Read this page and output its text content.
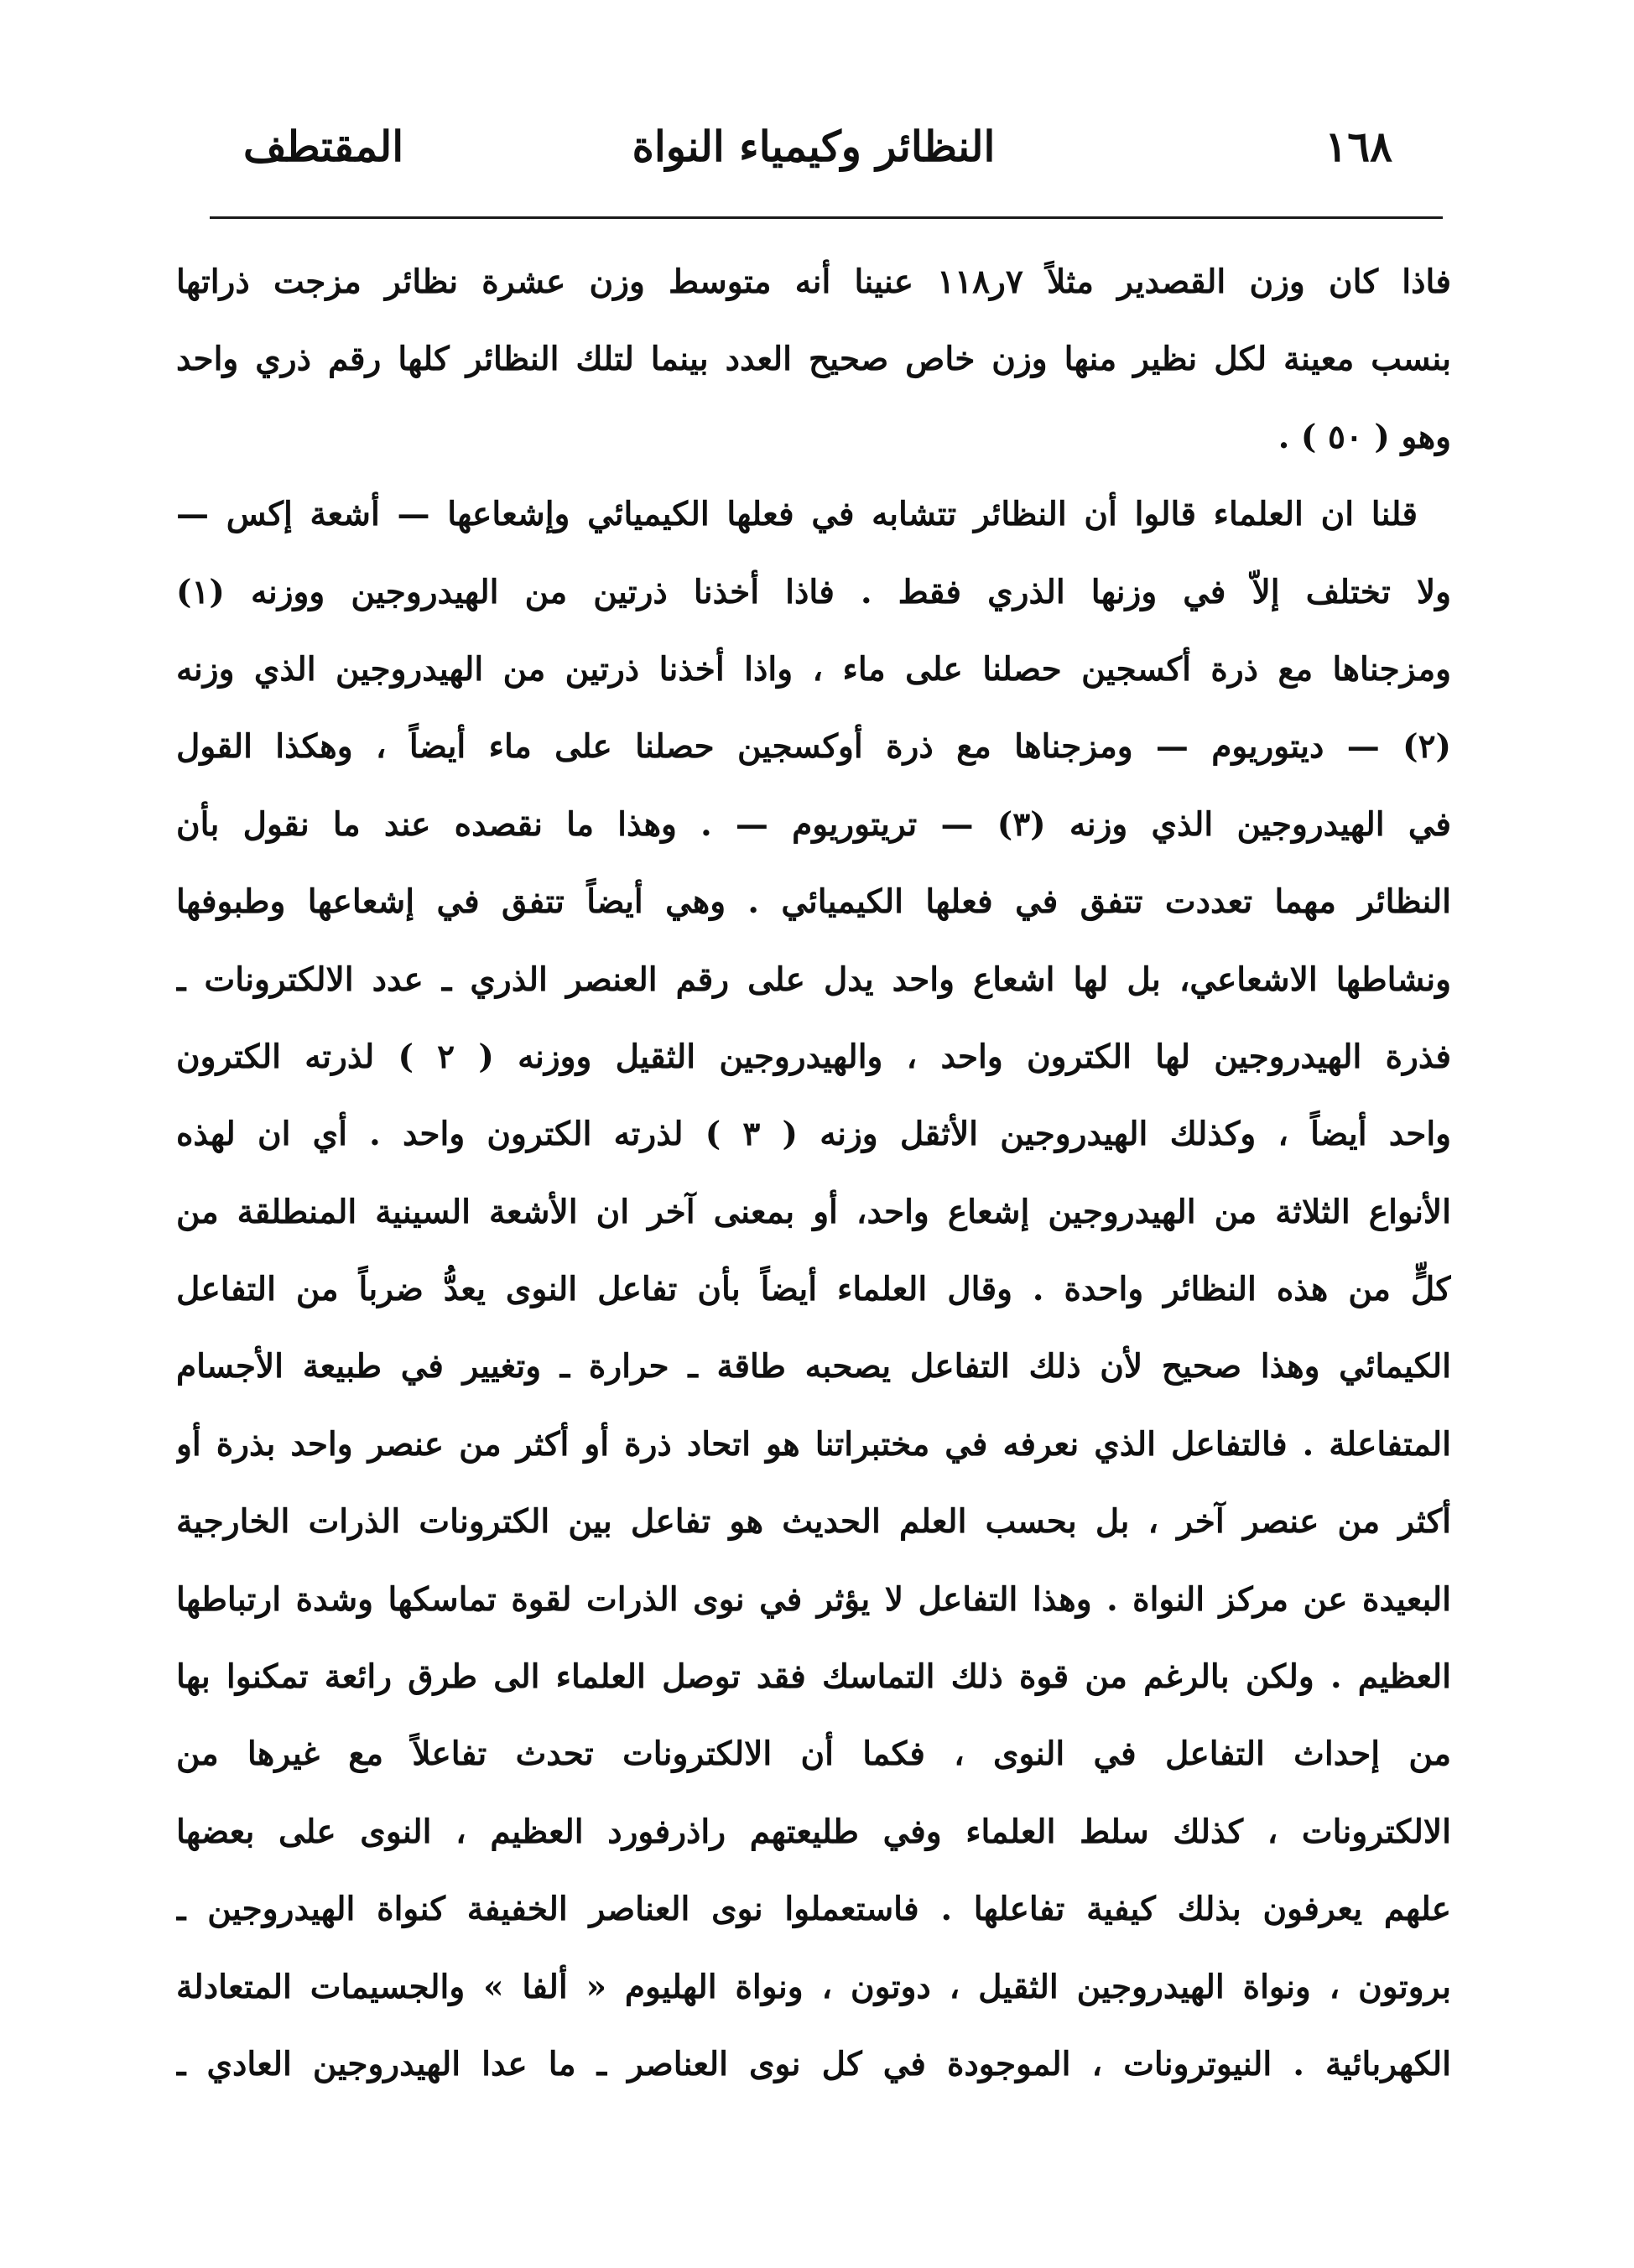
١٦٨
النظائر وكيمياء النواة
المقتطف
فاذا كان وزن القصدير مثلاً ٧ر١١٨ عنينا أنه متوسط وزن عشرة نظائر مزجت ذراتها
بنسب معينة لكل نظير منها وزن خاص صحيح العدد بينما لتلك النظائر كلها رقم ذري واحد
وهو ( ٥٠ ) .
قلنا ان العلماء قالوا أن النظائر تتشابه في فعلها الكيميائي وإشعاعها — أشعة إكس —
ولا تختلف إلاّ في وزنها الذري فقط . فاذا أخذنا ذرتين من الهيدروجين ووزنه (١)
ومزجناها مع ذرة أكسجين حصلنا على ماء ، واذا أخذنا ذرتين من الهيدروجين الذي وزنه
(٢) — ديتوريوم — ومزجناها مع ذرة أوكسجين حصلنا على ماء أيضاً ، وهكذا القول
في الهيدروجين الذي وزنه (٣) — تريتوريوم — . وهذا ما نقصده عند ما نقول بأن
النظائر مهما تعددت تتفق في فعلها الكيميائي . وهي أيضاً تتفق في إشعاعها وطبوفها
ونشاطها الاشعاعي، بل لها اشعاع واحد يدل على رقم العنصر الذري ـ عدد الالكترونات ـ
فذرة الهيدروجين لها الكترون واحد ، والهيدروجين الثقيل ووزنه ( ٢ ) لذرته الكترون
واحد أيضاً ، وكذلك الهيدروجين الأثقل وزنه ( ٣ ) لذرته الكترون واحد . أي ان لهذه
الأنواع الثلاثة من الهيدروجين إشعاع واحد، أو بمعنى آخر ان الأشعة السينية المنطلقة من
كلٍّ من هذه النظائر واحدة . وقال العلماء أيضاً بأن تفاعل النوى يعدُّ ضرباً من التفاعل
الكيمائي وهذا صحيح لأن ذلك التفاعل يصحبه طاقة ـ حرارة ـ وتغيير في طبيعة الأجسام
المتفاعلة . فالتفاعل الذي نعرفه في مختبراتنا هو اتحاد ذرة أو أكثر من عنصر واحد بذرة أو
أكثر من عنصر آخر ، بل بحسب العلم الحديث هو تفاعل بين الكترونات الذرات الخارجية
البعيدة عن مركز النواة . وهذا التفاعل لا يؤثر في نوى الذرات لقوة تماسكها وشدة ارتباطها
العظيم . ولكن بالرغم من قوة ذلك التماسك فقد توصل العلماء الى طرق رائعة تمكنوا بها
من إحداث التفاعل في النوى ، فكما أن الالكترونات تحدث تفاعلاً مع غيرها من
الالكترونات ، كذلك سلط العلماء وفي طليعتهم راذرفورد العظيم ، النوى على بعضها
علهم يعرفون بذلك كيفية تفاعلها . فاستعملوا نوى العناصر الخفيفة كنواة الهيدروجين ـ
بروتون ، ونواة الهيدروجين الثقيل ، دوتون ، ونواة الهليوم « ألفا » والجسيمات المتعادلة
الكهربائية . النيوترونات ، الموجودة في كل نوى العناصر ـ ما عدا الهيدروجين العادي ـ
